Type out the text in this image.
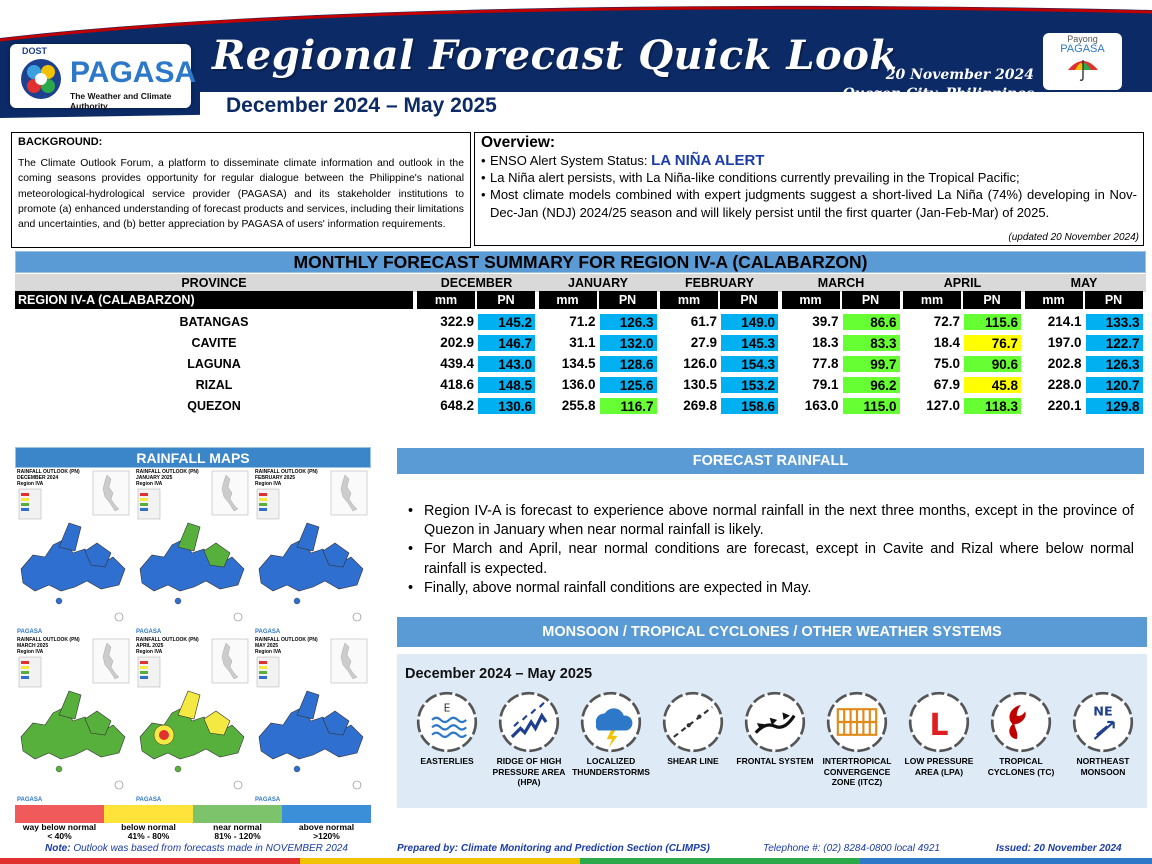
DOST
PAGASA
The Weather and Climate Authority
Regional Forecast Quick Look
December 2024 – May 2025
20 November 2024
Quezon City, Philippines
Payong
PAGASA
BACKGROUND:
The Climate Outlook Forum, a platform to disseminate climate information and outlook in the coming seasons provides opportunity for regular dialogue between the Philippine's national meteorological-hydrological service provider (PAGASA) and its stakeholder institutions to promote (a) enhanced understanding of forecast products and services, including their limitations and uncertainties, and (b) better appreciation by PAGASA of users' information requirements.
Overview:
• ENSO Alert System Status: LA NIÑA ALERT
• La Niña alert persists, with La Niña-like conditions currently prevailing in the Tropical Pacific;
• Most climate models combined with expert judgments suggest a short-lived La Niña (74%) developing in Nov-Dec-Jan (NDJ) 2024/25 season and will likely persist until the first quarter (Jan-Feb-Mar) of 2025.
(updated 20 November 2024)
MONTHLY FORECAST SUMMARY FOR REGION IV-A (CALABARZON)
PROVINCE	DECEMBER	JANUARY	FEBRUARY	MARCH	APRIL	MAY
REGION IV-A (CALABARZON)	mm	PN	mm	PN	mm	PN	mm	PN	mm	PN	mm	PN
BATANGAS	322.9	145.2	71.2	126.3	61.7	149.0	39.7	86.6	72.7	115.6	214.1	133.3
CAVITE	202.9	146.7	31.1	132.0	27.9	145.3	18.3	83.3	18.4	76.7	197.0	122.7
LAGUNA	439.4	143.0	134.5	128.6	126.0	154.3	77.8	99.7	75.0	90.6	202.8	126.3
RIZAL	418.6	148.5	136.0	125.6	130.5	153.2	79.1	96.2	67.9	45.8	228.0	120.7
QUEZON	648.2	130.6	255.8	116.7	269.8	158.6	163.0	115.0	127.0	118.3	220.1	129.8
RAINFALL MAPS
RAINFALL OUTLOOK (PN)
DECEMBER 2024
Region IVA
PAGASA
RAINFALL OUTLOOK (PN)
JANUARY 2025
Region IVA
PAGASA
RAINFALL OUTLOOK (PN)
FEBRUARY 2025
Region IVA
PAGASA
RAINFALL OUTLOOK (PN)
MARCH 2025
Region IVA
PAGASA
RAINFALL OUTLOOK (PN)
APRIL 2025
Region IVA
PAGASA
RAINFALL OUTLOOK (PN)
MAY 2025
Region IVA
PAGASA
way below normal
< 40%
below normal
41% - 80%
near normal
81% - 120%
above normal
>120%
FORECAST RAINFALL
• Region IV-A is forecast to experience above normal rainfall in the next three months, except in the province of Quezon in January when near normal rainfall is likely.
• For March and April, near normal conditions are forecast, except in Cavite and Rizal where below normal rainfall is expected.
• Finally, above normal rainfall conditions are expected in May.
MONSOON / TROPICAL CYCLONES / OTHER WEATHER SYSTEMS
December 2024 – May 2025
E
EASTERLIES	RIDGE OF HIGH PRESSURE AREA (HPA)
LOCALIZED THUNDERSTORMS
SHEAR LINE	FRONTAL SYSTEM	INTERTROPICAL CONVERGENCE ZONE (ITCZ)
L
LOW PRESSURE AREA (LPA)
TROPICAL CYCLONES (TC)
NE
NORTHEAST MONSOON
Note: Outlook was based from forecasts made in NOVEMBER 2024	Prepared by: Climate Monitoring and Prediction Section (CLIMPS)	Telephone #: (02) 8284-0800 local 4921	Issued: 20 November 2024
